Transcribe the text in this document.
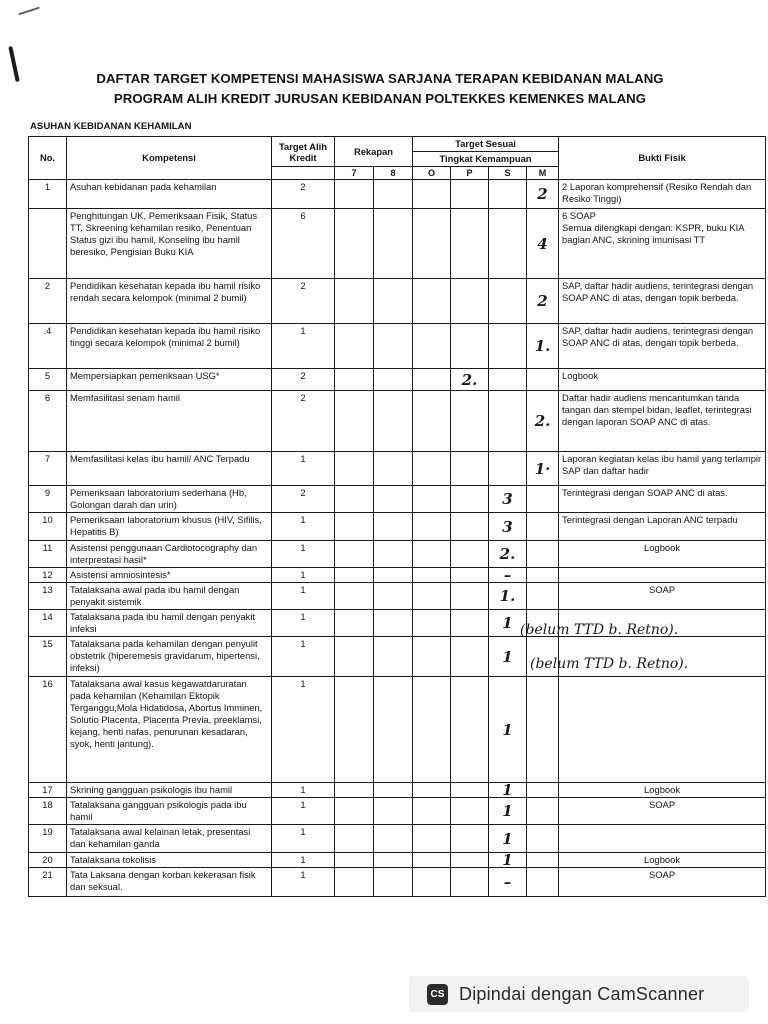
DAFTAR TARGET KOMPETENSI MAHASISWA SARJANA TERAPAN KEBIDANAN MALANG
PROGRAM ALIH KREDIT JURUSAN KEBIDANAN POLTEKKES KEMENKES MALANG
ASUHAN KEBIDANAN KEHAMILAN
No.	Kompetensi	Target Alih Kredit	Rekapan		Target Sesuai				Bukti Fisik
					Tingkat Kemampuan				
			7	8	O	P	S	M	
1	Asuhan kebidanan pada kehamilan	2						2	2 Laporan komprehensif (Resiko Rendah dan Resiko Tinggi)
	Penghitungan UK, Pemeriksaan Fisik, Status TT, Skreening kehamilan resiko, Penentuan Status gizi ibu hamil, Konseling ibu hamil beresiko, Pengisian Buku KIA	6						4	6 SOAP
Semua dilengkapi dengan: KSPR, buku KIA bagian ANC, skrining imunisasi TT
2	Pendidikan kesehatan kepada ibu hamil risiko rendah secara kelompok (minimal 2 bumil)	2						2	SAP, daftar hadir audiens, terintegrasi dengan SOAP ANC di atas, dengan topik berbeda.
.4	Pendidikan kesehatan kepada ibu hamil risiko tinggi secara kelompok (minimal 2 bumil)	1						1.	SAP, daftar hadir audiens, terintegrasi dengan SOAP ANC di atas, dengan topik berbeda.
5	Mempersiapkan pemeriksaan USG*	2				2.			Logbook
6	Memfasilitasi senam hamil	2						2.	Daftar hadir audiens mencantumkan tanda tangan dan stempel bidan, leaflet, terintegrasi dengan laporan SOAP ANC di atas.
7	Memfasilitasi kelas ibu hamil/ ANC Terpadu	1						1·	Laporan kegiatan kelas ibu hamil yang terlampir SAP dan daftar hadir
9	Pemeriksaan laboratorium sederhana (Hb, Golongan darah dan urin)	2					3		Terintegrasi dengan SOAP ANC di atas.
10	Pemeriksaan laboratorium khusus (HIV, Sifilis, Hepatitis B)	1					3		Terintegrasi dengan Laporan ANC terpadu
11	Asistensi penggunaan Cardiotocography dan interprestasi hasil*	1					2.		Logbook
12	Asistensi amniosintesis*	1					–		
13	Tatalaksana awal pada ibu hamil dengan penyakit sistemik	1					1.		SOAP
14	Tatalaksana pada ibu hamil dengan penyakit infeksi	1					1		
15	Tatalaksana pada kehamilan dengan penyulit obstetrik (hiperemesis gravidarum, hipertensi, infeksi)	1					1		
16	Tatalaksana awal kasus kegawatdaruratan pada kehamilan (Kehamilan Ektopik Terganggu,Mola Hidatidosa, Abortus Imminen, Solutio Placenta, Placenta Previa, preeklamsi, kejang, henti nafas, penurunan kesadaran, syok, henti jantung).	1					1		
17	Skrining gangguan psikologis ibu hamil	1					1		Logbook
18	Tatalaksana gangguan psikologis pada ibu hamil	1					1		SOAP
19	Tatalaksana awal kelainan letak, presentasi dan kehamilan ganda	1					1		
20	Tatalaksana tokolisis	1					1		Logbook
21	Tata Laksana dengan korban kekerasan fisik dan seksual.	1					–		SOAP
(belum TTD b. Retno).
(belum TTD b. Retno).
CS Dipindai dengan CamScanner
